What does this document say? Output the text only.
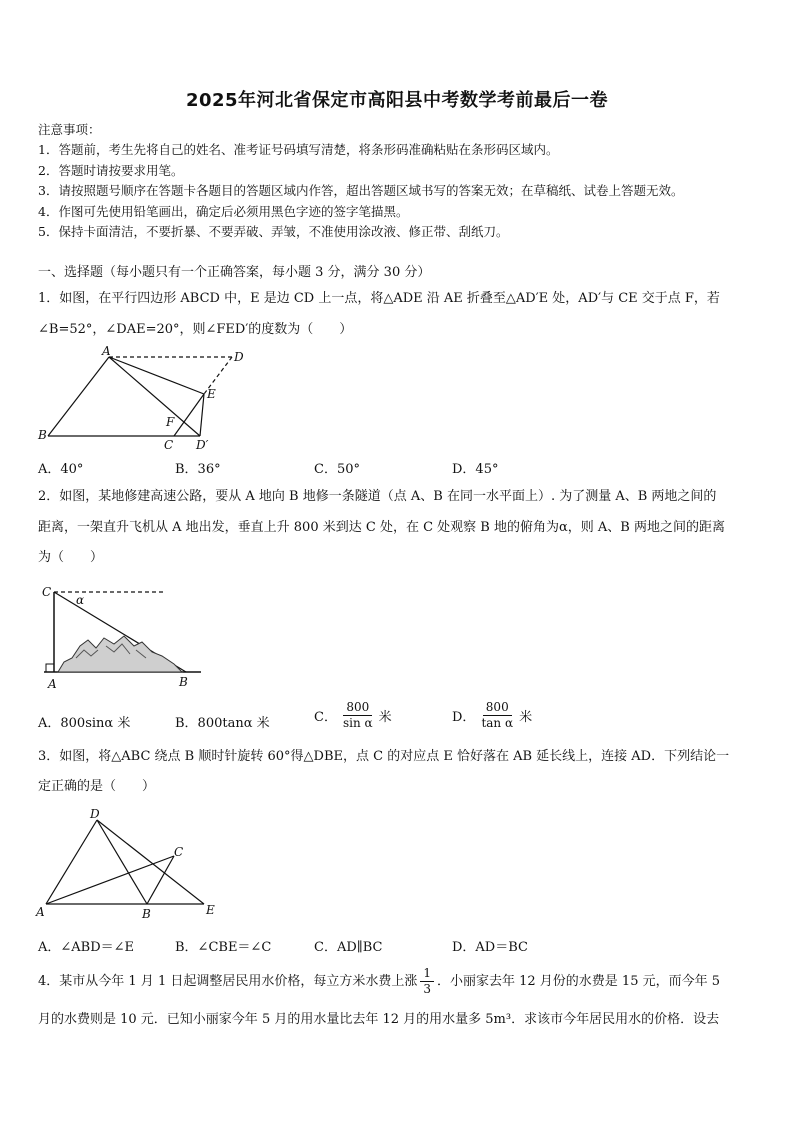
2025年河北省保定市高阳县中考数学考前最后一卷
注意事项：
1．答题前，考生先将自己的姓名、准考证号码填写清楚，将条形码准确粘贴在条形码区域内。
2．答题时请按要求用笔。
3．请按照题号顺序在答题卡各题目的答题区域内作答，超出答题区域书写的答案无效；在草稿纸、试卷上答题无效。
4．作图可先使用铅笔画出，确定后必须用黑色字迹的签字笔描黑。
5．保持卡面清洁，不要折暴、不要弄破、弄皱，不准使用涂改液、修正带、刮纸刀。
一、选择题（每小题只有一个正确答案，每小题 3 分，满分 30 分）
1．如图，在平行四边形 ABCD 中，E 是边 CD 上一点，将△ADE 沿 AE 折叠至△AD′E 处，AD′与 CE 交于点 F，若
∠B=52°，∠DAE=20°，则∠FED′的度数为（　　）
A	D
E
F
B
C D′
A．40°	B．36°	C．50°	D．45°
2．如图，某地修建高速公路，要从 A 地向 B 地修一条隧道（点 A、B 在同一水平面上）. 为了测量 A、B 两地之间的
距离，一架直升飞机从 A 地出发，垂直上升 800 米到达 C 处，在 C 处观察 B 地的俯角为α，则 A、B 两地之间的距离
为（　　）
C
α
A	B
A．800sinα 米	B．800tanα 米	C． $\frac{800}{\text{sin α}}$ 米	D． $\frac{800}{\text{tan α}}$ 米
3．如图，将△ABC 绕点 B 顺时针旋转 60°得△DBE，点 C 的对应点 E 恰好落在 AB 延长线上，连接 AD．下列结论一
定正确的是（　　）
D
C
A	B	E
A．∠ABD＝∠E	B．∠CBE＝∠C	C．AD∥BC	D．AD＝BC
4．某市从今年 1 月 1 日起调整居民用水价格，每立方米水费上涨 $\frac{1}{3}$ ．小丽家去年 12 月份的水费是 15 元，而今年 5
月的水费则是 10 元．已知小丽家今年 5 月的用水量比去年 12 月的用水量多 5m³．求该市今年居民用水的价格．设去
